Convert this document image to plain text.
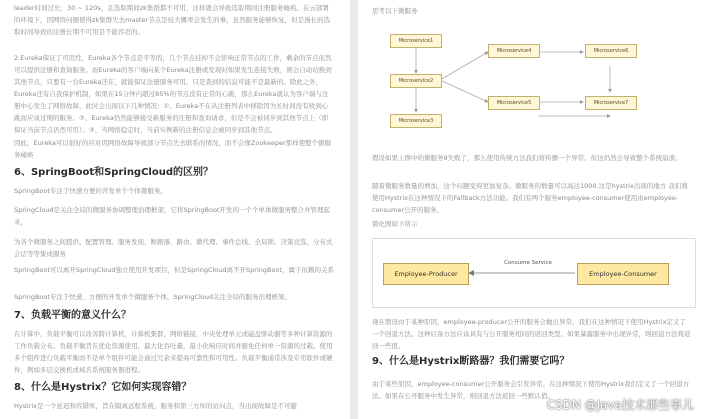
leader时间过长，30 ~ 120s，且选取期间zk集群都不可用，这样就会导致选取期间注册服务瘫痪。在云部署的环境下，因网络问题使得zk集群失去master节点是较大概率会发生的事，虽然服务能够恢复，但是漫长的选取时间导致的注册长期不可用是不能容忍的。

2.Eureka保证了可用性，Eureka各个节点是平等的，几个节点挂掉不会影响正常节点的工作，剩余的节点依然可以提供注册和查询服务。而Eureka的客户端向某个Eureka注册或发现时如果发生连接失败，则会自动切换到其他节点，只要有一台Eureka还在，就能保证注册服务可用，只是查到的信息可能不是最新的。除此之外，Eureka还有自我保护机制，如果在15分钟内超过85%的节点没有正常的心跳，那么Eureka就认为客户端与注册中心发生了网络故障，此时会出现以下几种情况：①、Eureka不在从注册列表中移除因为长时间没有收到心跳而应该过期的服务。②、Eureka仍然能够接受新服务的注册和查询请求，但是不会被同步到其他节点上（即保证当前节点仍然可用）。③、当网络稳定时，当前实例新的注册信息会被同步到其他节点。

因此，Eureka可以很好的应对因网络故障导致部分节点失去联系的情况，而不会像Zookeeper那样使整个微服务瘫痪

6、SpringBoot和SpringCloud的区别？

SpringBoot专注于快速方便的开发单个个体微服务。

SpringCloud是关注全局的微服务协调整理治理框架，它将SpringBoot开发的一个个单体微服务整合并管理起来，

为各个微服务之间提供，配置管理、服务发现、断路器、路由、微代理、事件总线、全局锁、决策竞选、分布式会话等等集成服务

SpringBoot可以离开SpringCloud独立使用开发项目，但是SpringCloud离不开SpringBoot，属于依赖的关系

SpringBoot专注于快速、方便的开发单个微服务个体，SpringCloud关注全局的服务治理框架。

7、负载平衡的意义什么？

在计算中，负载平衡可以改善跨计算机，计算机集群，网络链接，中央处理单元或磁盘驱动器等多种计算资源的工作负载分布。负载平衡旨在优化资源使用，最大化吞吐量，最小化响应时间并避免任何单一资源的过载。使用多个组件进行负载平衡而不是单个组件可能会通过冗余来提高可靠性和可用性。负载平衡通常涉及专用软件或硬件，例如多层交换机或域名系统服务器进程。

8、什么是Hystrix？它如何实现容错？

Hystrix是一个延迟和容错库，旨在隔离远程系统，服务和第三方库的访问点，当出现故障是不可避

思考以下微服务

Microservice1
Microservice2
Microservice3
Microservice4
Microservice5
Microservice6
Microservice7

假设如果上图中的微服务9失败了，那么使用传统方法我们将传播一个异常。但这仍然会导致整个系统崩溃。

随着微服务数量的增加，这个问题变得更加复杂。微服务的数量可以高达1000.这是hystrix出现的地方 我们将使用Hystrix在这种情况下的Fallback方法功能。我们有两个服务employee-consumer使用由employee-consumer公开的服务。

简化图如下所示

Employee-Producer
Consume Service
Employee-Consumer

现在假设由于某种原因，employee-producer公开的服务会抛出异常。我们在这种情况下使用Hystrix定义了一个回退方法。这种后备方法应该具有与公开服务相同的返回类型。如果暴露服务中出现异常，则回退方法将返回一些值。

9、什么是Hystrix断路器？我们需要它吗？

由于某些原因，employee-consumer公开服务会引发异常。在这种情况下使用Hystrix我们定义了一个回退方法。如果在公开服务中发生异常，则回退方法返回一些默认值。

CSDN @Java技术那些事儿
